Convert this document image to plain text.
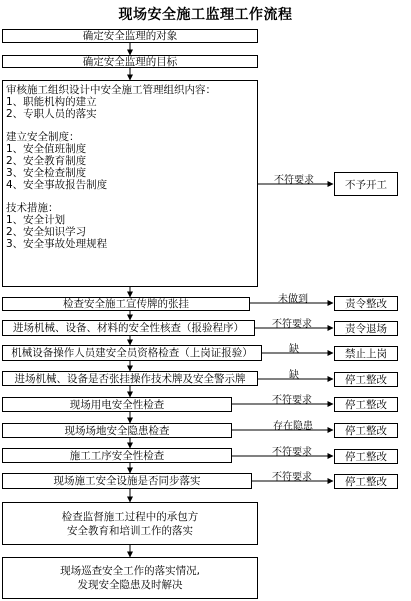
现场安全施工监理工作流程
确定安全监理的对象
确定安全监理的目标
审核施工组织设计中安全施工管理组织内容：
1、职能机构的建立
2、专职人员的落实
建立安全制度：
1、安全值班制度
2、安全教育制度
3、安全检查制度
4、安全事故报告制度
技术措施：
1、安全计划
2、安全知识学习
3、安全事故处理规程
检查安全施工宣传牌的张挂
进场机械、设备、材料的安全性核查（报验程序）
机械设备操作人员建安全员资格检查（上岗证报验）
进场机械、设备是否张挂操作技术牌及安全警示牌
现场用电安全性检查
现场场地安全隐患检查
施工工序安全性检查
现场施工安全设施是否同步落实
检查监督施工过程中的承包方
安全教育和培训工作的落实
现场巡查安全工作的落实情况,
发现安全隐患及时解决
不符要求
未做到
不符要求
缺
缺
不符要求
存在隐患
不符要求
不符要求
不予开工
责令整改
责令退场
禁止上岗
停工整改
停工整改
停工整改
停工整改
停工整改
